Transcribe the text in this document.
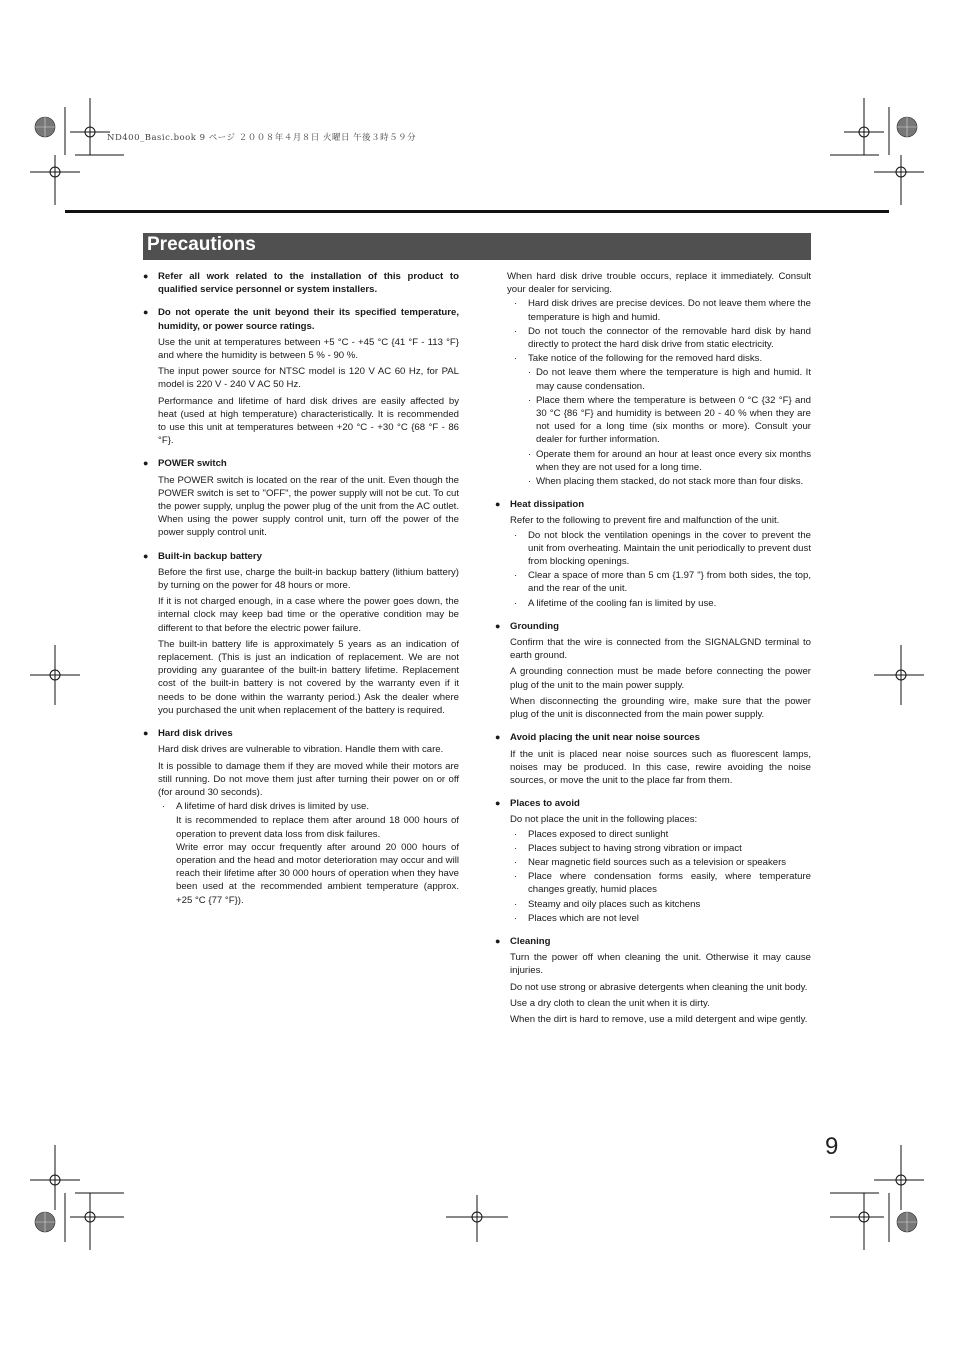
ND400_Basic.book 9 ページ ２００８年４月８日 火曜日 午後３時５９分
Precautions
● Refer all work related to the installation of this product to qualified service personnel or system installers.
● Do not operate the unit beyond their its specified temperature, humidity, or power source ratings.
Use the unit at temperatures between +5 °C - +45 °C {41 °F - 113 °F} and where the humidity is between 5 % - 90 %.
The input power source for NTSC model is 120 V AC 60 Hz, for PAL model is 220 V - 240 V AC 50 Hz.
Performance and lifetime of hard disk drives are easily affected by heat (used at high temperature) characteristically. It is recommended to use this unit at temperatures between +20 °C - +30 °C {68 °F - 86 °F}.
● POWER switch
The POWER switch is located on the rear of the unit. Even though the POWER switch is set to "OFF", the power supply will not be cut. To cut the power supply, unplug the power plug of the unit from the AC outlet. When using the power supply control unit, turn off the power of the power supply control unit.
● Built-in backup battery
Before the first use, charge the built-in backup battery (lithium battery) by turning on the power for 48 hours or more.
If it is not charged enough, in a case where the power goes down, the internal clock may keep bad time or the operative condition may be different to that before the electric power failure.
The built-in battery life is approximately 5 years as an indication of replacement. (This is just an indication of replacement. We are not providing any guarantee of the built-in battery lifetime. Replacement cost of the built-in battery is not covered by the warranty even if it needs to be done within the warranty period.) Ask the dealer where you purchased the unit when replacement of the battery is required.
● Hard disk drives
Hard disk drives are vulnerable to vibration. Handle them with care.
It is possible to damage them if they are moved while their motors are still running. Do not move them just after turning their power on or off (for around 30 seconds).
· A lifetime of hard disk drives is limited by use.
It is recommended to replace them after around 18 000 hours of operation to prevent data loss from disk failures.
Write error may occur frequently after around 20 000 hours of operation and the head and motor deterioration may occur and will reach their lifetime after 30 000 hours of operation when they have been used at the recommended ambient temperature (approx. +25 °C {77 °F}).
When hard disk drive trouble occurs, replace it immediately. Consult your dealer for servicing.
· Hard disk drives are precise devices. Do not leave them where the temperature is high and humid.
· Do not touch the connector of the removable hard disk by hand directly to protect the hard disk drive from static electricity.
· Take notice of the following for the removed hard disks.
· Do not leave them where the temperature is high and humid. It may cause condensation.
· Place them where the temperature is between 0 °C {32 °F} and 30 °C {86 °F} and humidity is between 20 - 40 % when they are not used for a long time (six months or more). Consult your dealer for further information.
· Operate them for around an hour at least once every six months when they are not used for a long time.
· When placing them stacked, do not stack more than four disks.
● Heat dissipation
Refer to the following to prevent fire and malfunction of the unit.
· Do not block the ventilation openings in the cover to prevent the unit from overheating. Maintain the unit periodically to prevent dust from blocking openings.
· Clear a space of more than 5 cm {1.97 "} from both sides, the top, and the rear of the unit.
· A lifetime of the cooling fan is limited by use.
● Grounding
Confirm that the wire is connected from the SIGNALGND terminal to earth ground.
A grounding connection must be made before connecting the power plug of the unit to the main power supply.
When disconnecting the grounding wire, make sure that the power plug of the unit is disconnected from the main power supply.
● Avoid placing the unit near noise sources
If the unit is placed near noise sources such as fluorescent lamps, noises may be produced. In this case, rewire avoiding the noise sources, or move the unit to the place far from them.
● Places to avoid
Do not place the unit in the following places:
· Places exposed to direct sunlight
· Places subject to having strong vibration or impact
· Near magnetic field sources such as a television or speakers
· Place where condensation forms easily, where temperature changes greatly, humid places
· Steamy and oily places such as kitchens
· Places which are not level
● Cleaning
Turn the power off when cleaning the unit. Otherwise it may cause injuries.
Do not use strong or abrasive detergents when cleaning the unit body.
Use a dry cloth to clean the unit when it is dirty.
When the dirt is hard to remove, use a mild detergent and wipe gently.
9
